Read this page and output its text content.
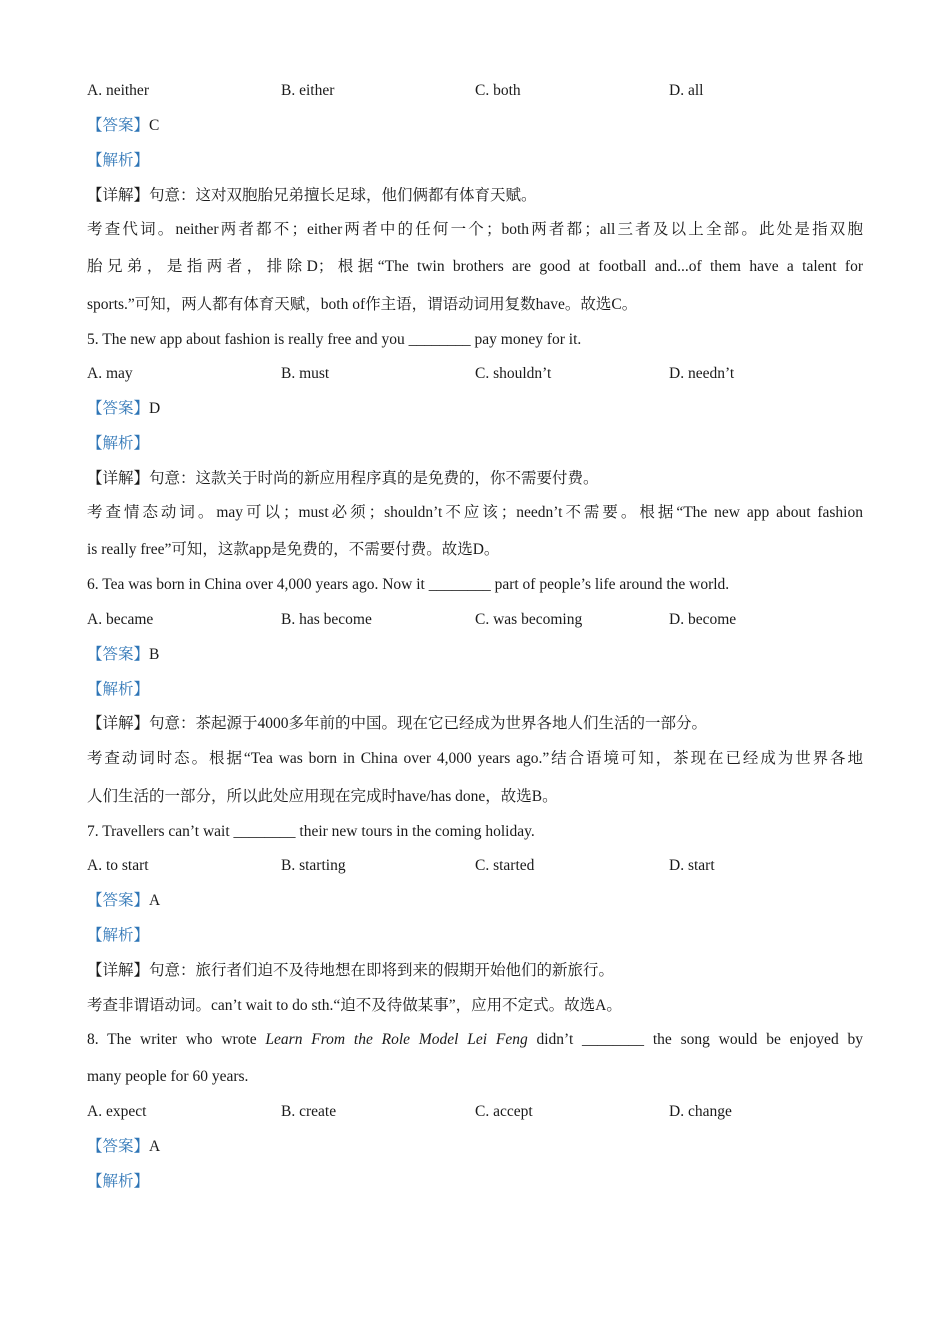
A. neither	B. either	C. both	D. all
【答案】C
【解析】
【详解】句意：这对双胞胎兄弟擅长足球，他们俩都有体育天赋。
考查代词。neither两者都不；either两者中的任何一个；both两者都；all三者及以上全部。此处是指双胞
胎兄弟，是指两者，排除D；根据“The twin brothers are good at football and...of them have a talent for
sports.”可知，两人都有体育天赋，both of作主语，谓语动词用复数have。故选C。
5. The new app about fashion is really free and you ________ pay money for it.
A. may	B. must	C. shouldn’t	D. needn’t
【答案】D
【解析】
【详解】句意：这款关于时尚的新应用程序真的是免费的，你不需要付费。
考查情态动词。may可以；must必须；shouldn’t不应该；needn’t不需要。根据“The new app about fashion
is really free”可知，这款app是免费的，不需要付费。故选D。
6. Tea was born in China over 4,000 years ago. Now it ________ part of people’s life around the world.
A. became	B. has become	C. was becoming	D. become
【答案】B
【解析】
【详解】句意：茶起源于4000多年前的中国。现在它已经成为世界各地人们生活的一部分。
考查动词时态。根据“Tea was born in China over 4,000 years ago.”结合语境可知，茶现在已经成为世界各地
人们生活的一部分，所以此处应用现在完成时have/has done，故选B。
7. Travellers can’t wait ________ their new tours in the coming holiday.
A. to start	B. starting	C. started	D. start
【答案】A
【解析】
【详解】句意：旅行者们迫不及待地想在即将到来的假期开始他们的新旅行。
考查非谓语动词。can’t wait to do sth.“迫不及待做某事”，应用不定式。故选A。
8. The writer who wrote Learn From the Role Model Lei Feng didn’t ________ the song would be enjoyed by
many people for 60 years.
A. expect	B. create	C. accept	D. change
【答案】A
【解析】
